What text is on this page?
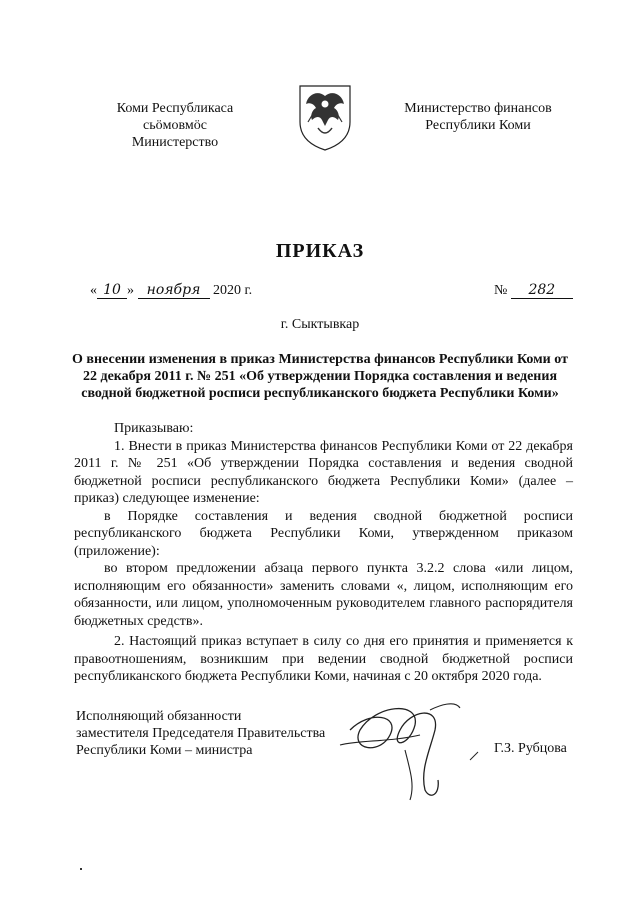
Коми Республикаса
сьӧмовмӧс
Министерство
Министерство финансов
Республики Коми
ПРИКАЗ
« 10 » ноября 2020 г.	№ 282
г. Сыктывкар
О внесении изменения в приказ Министерства финансов Республики Коми от 22 декабря 2011 г. № 251 «Об утверждении Порядка составления и ведения сводной бюджетной росписи республиканского бюджета Республики Коми»

Приказываю:

1. Внести в приказ Министерства финансов Республики Коми от 22 декабря 2011 г. № 251 «Об утверждении Порядка составления и ведения сводной бюджетной росписи республиканского бюджета Республики Коми» (далее – приказ) следующее изменение:

в Порядке составления и ведения сводной бюджетной росписи республиканского бюджета Республики Коми, утвержденном приказом (приложение):

во втором предложении абзаца первого пункта 3.2.2 слова «или лицом, исполняющим его обязанности» заменить словами «, лицом, исполняющим его обязанности, или лицом, уполномоченным руководителем главного распорядителя бюджетных средств».

2. Настоящий приказ вступает в силу со дня его принятия и применяется к правоотношениям, возникшим при ведении сводной бюджетной росписи республиканского бюджета Республики Коми, начиная с 20 октября 2020 года.

Исполняющий обязанности
заместителя Председателя Правительства
Республики Коми – министра	Г.З. Рубцова
